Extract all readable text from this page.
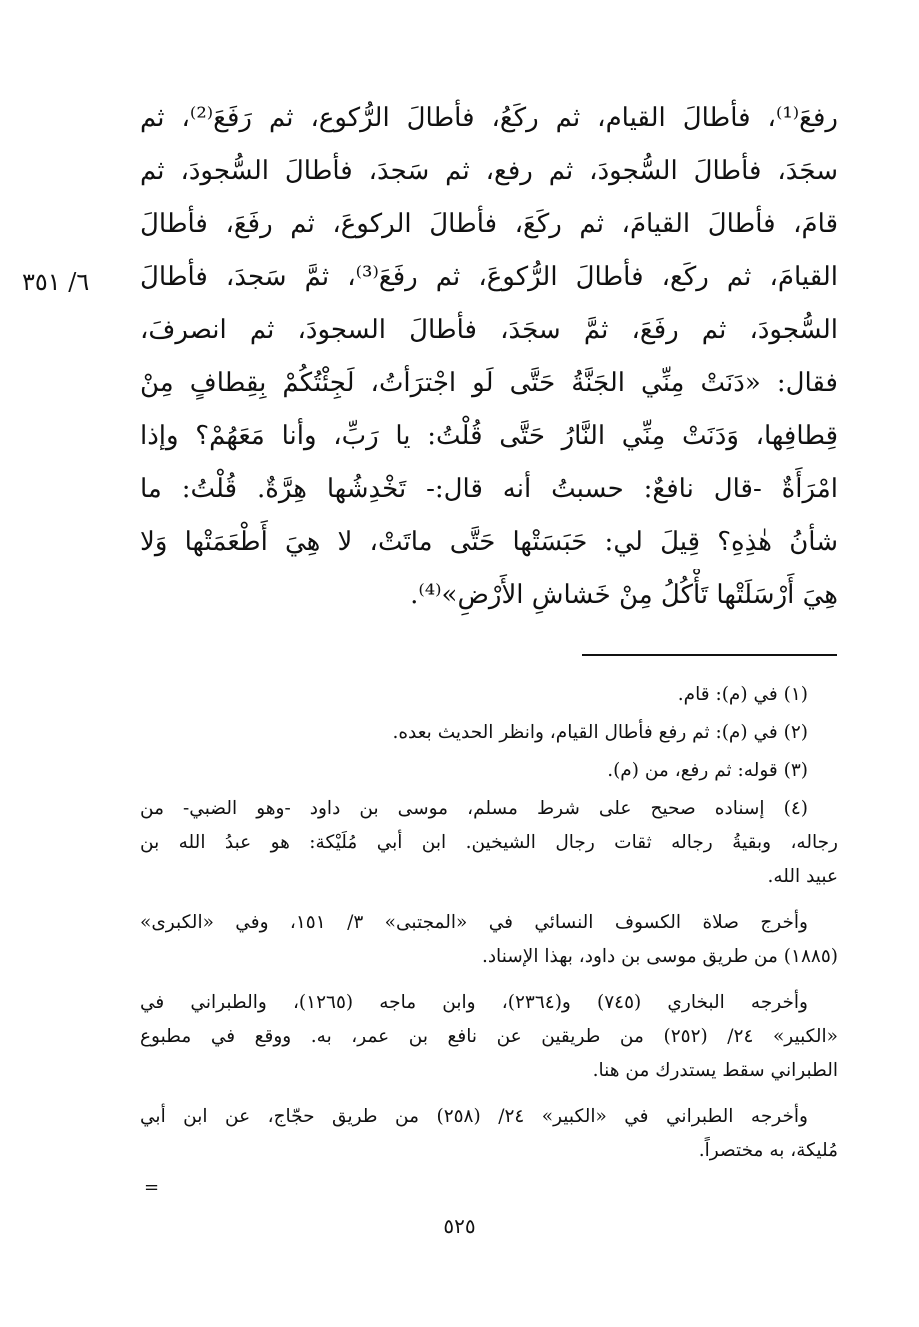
رفعَ⁽¹⁾، فأطالَ القيام، ثم ركَعُ، فأطالَ الرُّكوع، ثم رَفَعَ⁽²⁾، ثم
سجَدَ، فأطالَ السُّجودَ، ثم رفع، ثم سَجدَ، فأطالَ السُّجودَ، ثم
قامَ، فأطالَ القيامَ، ثم ركَعَ، فأطالَ الركوعَ، ثم رفَعَ، فأطالَ
القيامَ، ثم ركَع، فأطالَ الرُّكوعَ، ثم رفَعَ⁽³⁾، ثمَّ سَجدَ، فأطالَ
السُّجودَ، ثم رفَعَ، ثمَّ سجَدَ، فأطالَ السجودَ، ثم انصرفَ،
فقال: «دَنَتْ مِنِّي الجَنَّةُ حَتَّى لَو اجْترَأتُ، لَجِئْتُكُمْ بِقِطافٍ مِنْ
قِطافِها، وَدَنَتْ مِنِّي النَّارُ حَتَّى قُلْتُ: يا رَبِّ، وأنا مَعَهُمْ؟ وإذا
امْرَأَةٌ -قال نافعٌ: حسبتُ أنه قال:- تَخْدِشُها هِرَّةٌ. قُلْتُ: ما
شأنُ هٰذِهِ؟ قِيلَ لي: حَبَسَتْها حَتَّى ماتَتْ، لا هِيَ أَطْعَمَتْها وَلا
هِيَ أَرْسَلَتْها تَأْكُلُ مِنْ خَشاشِ الأَرْضِ»⁽⁴⁾.
٦/ ٣٥١
(١) في (م): قام.
(٢) في (م): ثم رفع فأطال القيام، وانظر الحديث بعده.
(٣) قوله: ثم رفع، من (م).
(٤) إسناده صحيح على شرط مسلم، موسى بن داود -وهو الضبي- من
رجاله، وبقيةُ رجاله ثقات رجال الشيخين. ابن أبي مُلَيْكة: هو عبدُ الله بن
عبيد الله.
وأخرج صلاة الكسوف النسائي في «المجتبى» ٣/ ١٥١، وفي «الكبرى»
(١٨٨٥) من طريق موسى بن داود، بهذا الإسناد.
وأخرجه البخاري (٧٤٥) و(٢٣٦٤)، وابن ماجه (١٢٦٥)، والطبراني في
«الكبير» ٢٤/ (٢٥٢) من طريقين عن نافع بن عمر، به. ووقع في مطبوع
الطبراني سقط يستدرك من هنا.
وأخرجه الطبراني في «الكبير» ٢٤/ (٢٥٨) من طريق حجّاج، عن ابن أبي
مُليكة، به مختصراً.
=
٥٢٥
